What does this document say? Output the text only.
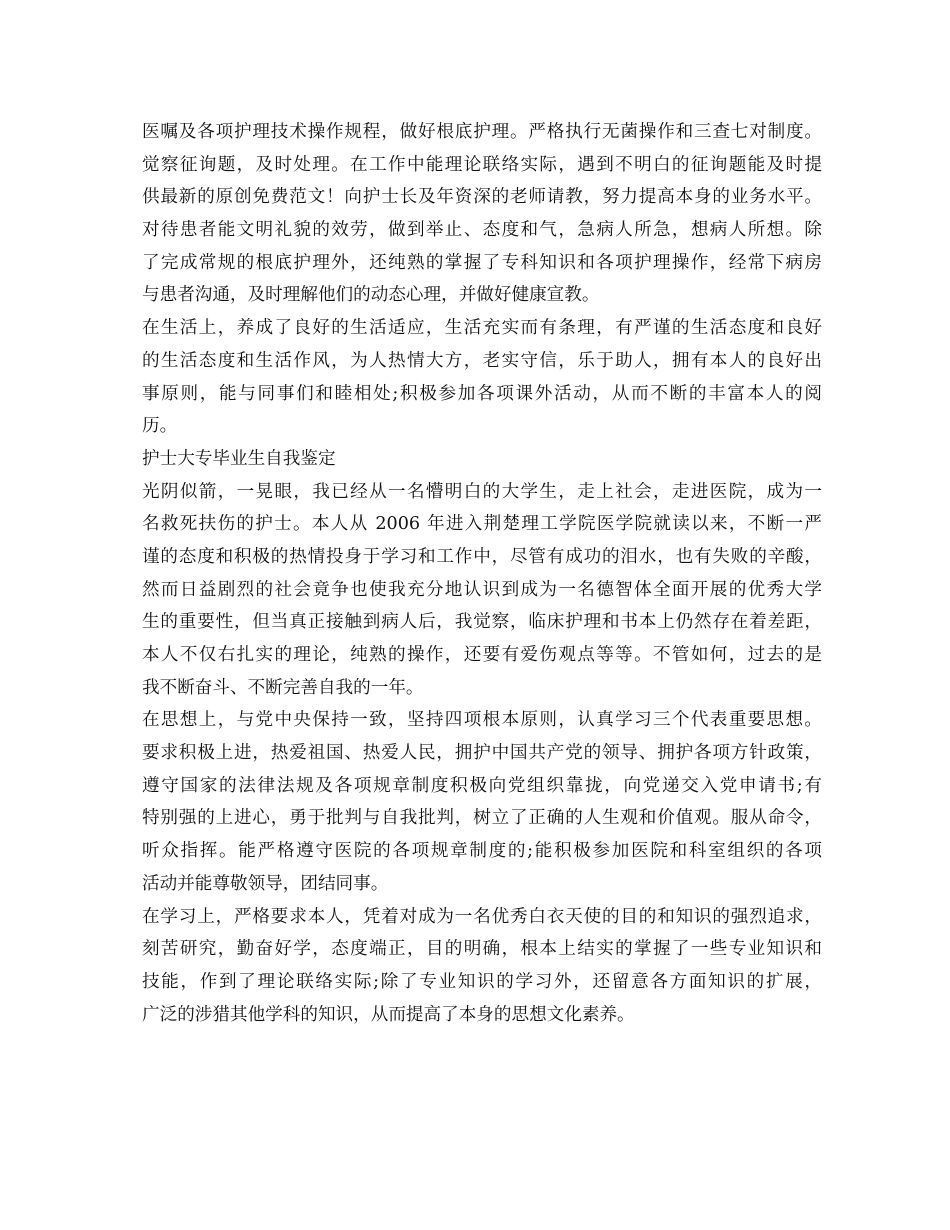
医嘱及各项护理技术操作规程，做好根底护理。严格执行无菌操作和三查七对制度。
觉察征询题，及时处理。在工作中能理论联络实际，遇到不明白的征询题能及时提
供最新的原创免费范文！向护士长及年资深的老师请教，努力提高本身的业务水平。
对待患者能文明礼貌的效劳，做到举止、态度和气，急病人所急，想病人所想。除
了完成常规的根底护理外，还纯熟的掌握了专科知识和各项护理操作，经常下病房
与患者沟通，及时理解他们的动态心理，并做好健康宣教。
在生活上，养成了良好的生活适应，生活充实而有条理，有严谨的生活态度和良好
的生活态度和生活作风，为人热情大方，老实守信，乐于助人，拥有本人的良好出
事原则，能与同事们和睦相处;积极参加各项课外活动，从而不断的丰富本人的阅
历。
护士大专毕业生自我鉴定
光阴似箭，一晃眼，我已经从一名懵明白的大学生，走上社会，走进医院，成为一
名救死扶伤的护士。本人从 2006 年进入荆楚理工学院医学院就读以来，不断一严
谨的态度和积极的热情投身于学习和工作中，尽管有成功的泪水，也有失败的辛酸，
然而日益剧烈的社会竟争也使我充分地认识到成为一名德智体全面开展的优秀大学
生的重要性，但当真正接触到病人后，我觉察，临床护理和书本上仍然存在着差距，
本人不仅右扎实的理论，纯熟的操作，还要有爱伤观点等等。不管如何，过去的是
我不断奋斗、不断完善自我的一年。
在思想上，与党中央保持一致，坚持四项根本原则，认真学习三个代表重要思想。
要求积极上进，热爱祖国、热爱人民，拥护中国共产党的领导、拥护各项方针政策，
遵守国家的法律法规及各项规章制度积极向党组织靠拢，向党递交入党申请书;有
特别强的上进心，勇于批判与自我批判，树立了正确的人生观和价值观。服从命令，
听众指挥。能严格遵守医院的各项规章制度的;能积极参加医院和科室组织的各项
活动并能尊敬领导，团结同事。
在学习上，严格要求本人，凭着对成为一名优秀白衣天使的目的和知识的强烈追求，
刻苦研究，勤奋好学，态度端正，目的明确，根本上结实的掌握了一些专业知识和
技能，作到了理论联络实际;除了专业知识的学习外，还留意各方面知识的扩展，
广泛的涉猎其他学科的知识，从而提高了本身的思想文化素养。
